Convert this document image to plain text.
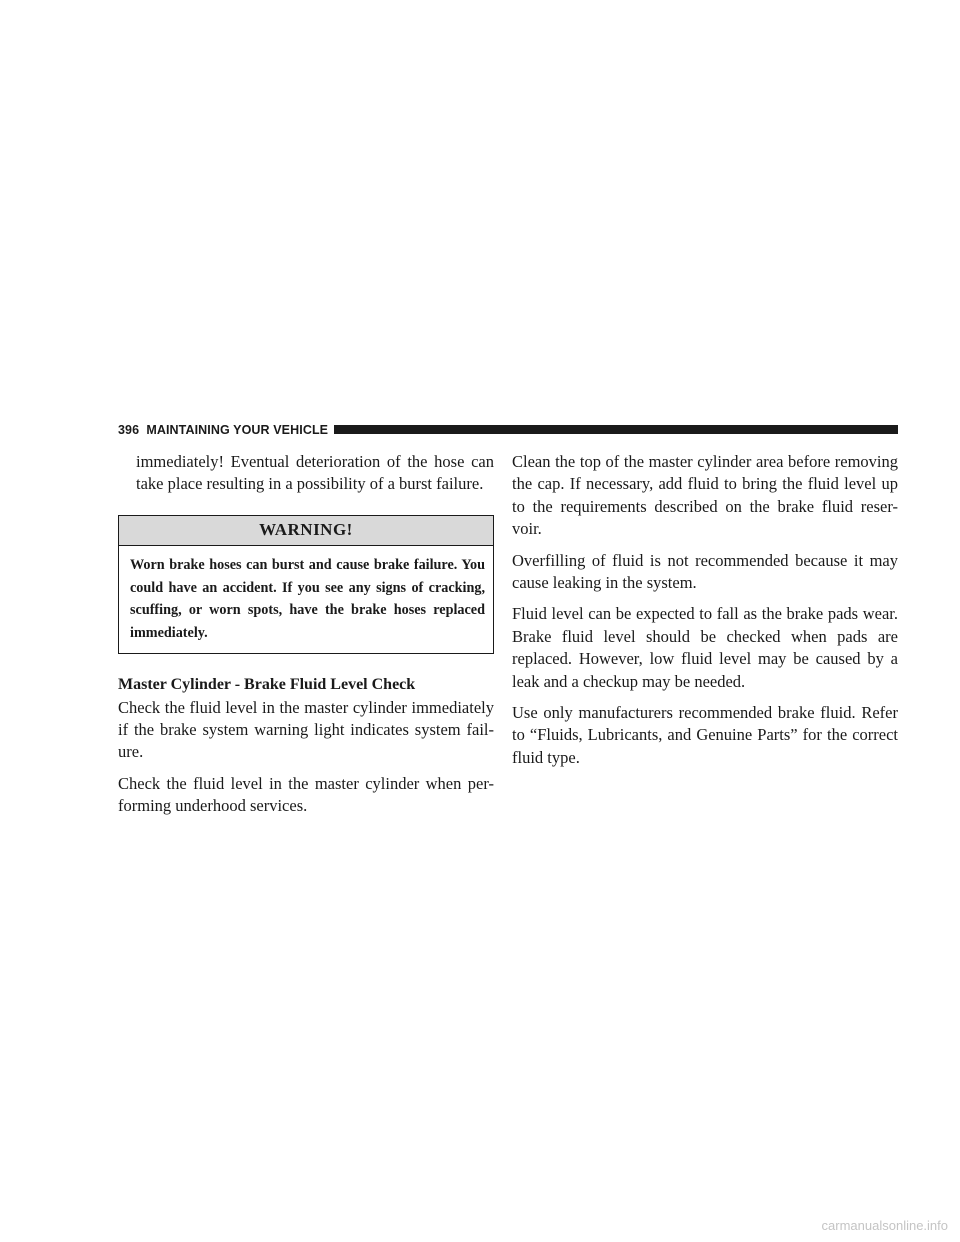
396 MAINTAINING YOUR VEHICLE

immediately! Eventual deterioration of the hose can take place resulting in a possibility of a burst failure.

WARNING!
Worn brake hoses can burst and cause brake failure. You could have an accident. If you see any signs of cracking, scuffing, or worn spots, have the brake hoses replaced immediately.
Master Cylinder - Brake Fluid Level Check

Check the fluid level in the master cylinder immediately if the brake system warning light indicates system fail-ure.

Check the fluid level in the master cylinder when per-forming underhood services.

Clean the top of the master cylinder area before removing the cap. If necessary, add fluid to bring the fluid level up to the requirements described on the brake fluid reser-voir.

Overfilling of fluid is not recommended because it may cause leaking in the system.

Fluid level can be expected to fall as the brake pads wear. Brake fluid level should be checked when pads are replaced. However, low fluid level may be caused by a leak and a checkup may be needed.

Use only manufacturers recommended brake fluid. Refer to “Fluids, Lubricants, and Genuine Parts” for the correct fluid type.

carmanualsonline.info
